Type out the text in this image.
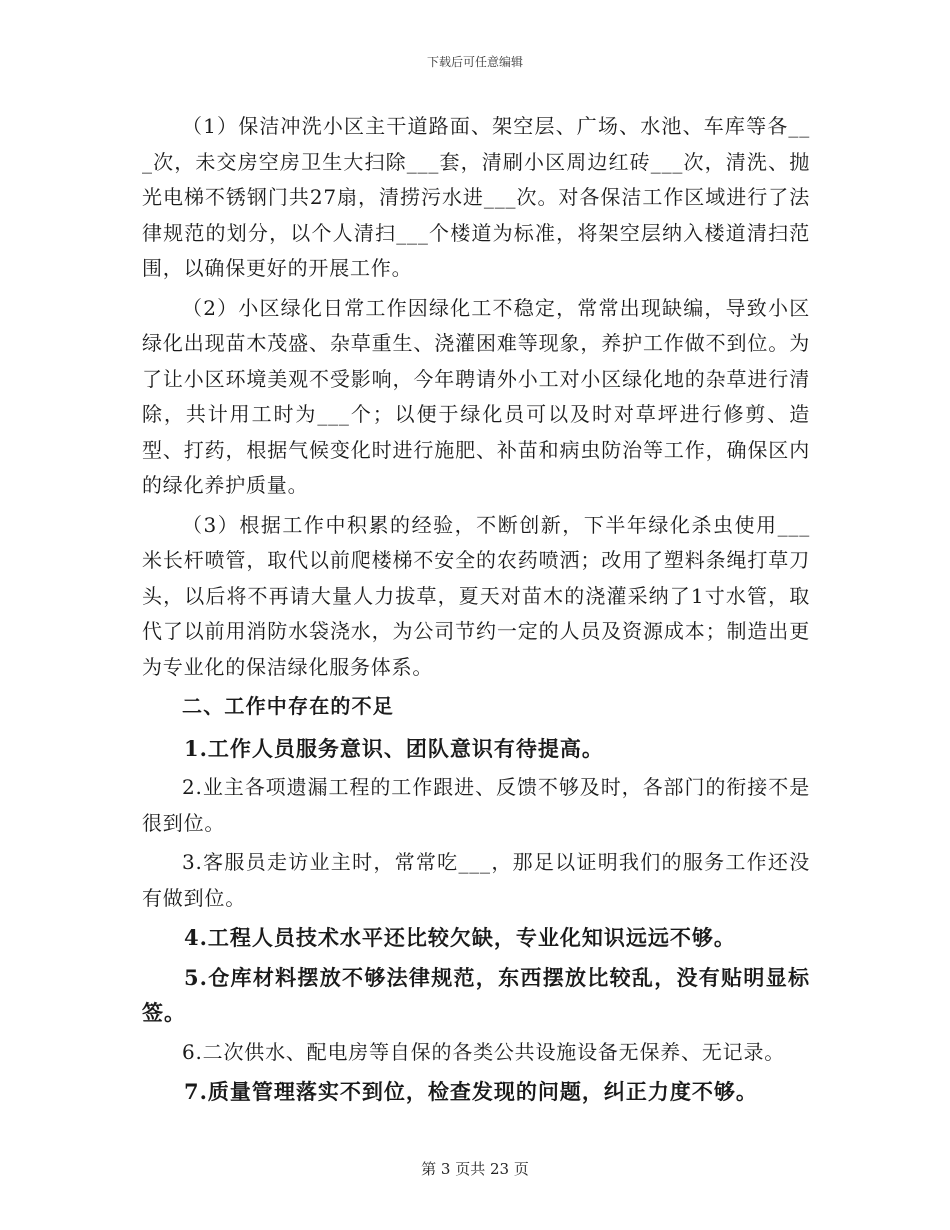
下载后可任意编辑

（1）保洁冲洗小区主干道路面、架空层、广场、水池、车库等各___次，未交房空房卫生大扫除___套，清刷小区周边红砖___次，清洗、抛光电梯不锈钢门共27扇，清捞污水进___次。对各保洁工作区域进行了法律规范的划分，以个人清扫___个楼道为标准，将架空层纳入楼道清扫范围，以确保更好的开展工作。

（2）小区绿化日常工作因绿化工不稳定，常常出现缺编，导致小区绿化出现苗木茂盛、杂草重生、浇灌困难等现象，养护工作做不到位。为了让小区环境美观不受影响，今年聘请外小工对小区绿化地的杂草进行清除，共计用工时为___个；以便于绿化员可以及时对草坪进行修剪、造型、打药，根据气候变化时进行施肥、补苗和病虫防治等工作，确保区内的绿化养护质量。

（3）根据工作中积累的经验，不断创新，下半年绿化杀虫使用___米长杆喷管，取代以前爬楼梯不安全的农药喷洒；改用了塑料条绳打草刀头，以后将不再请大量人力拔草，夏天对苗木的浇灌采纳了1寸水管，取代了以前用消防水袋浇水，为公司节约一定的人员及资源成本；制造出更为专业化的保洁绿化服务体系。

二、工作中存在的不足

1.工作人员服务意识、团队意识有待提高。

2.业主各项遗漏工程的工作跟进、反馈不够及时，各部门的衔接不是很到位。

3.客服员走访业主时，常常吃___，那足以证明我们的服务工作还没有做到位。

4.工程人员技术水平还比较欠缺，专业化知识远远不够。

5.仓库材料摆放不够法律规范，东西摆放比较乱，没有贴明显标签。

6.二次供水、配电房等自保的各类公共设施设备无保养、无记录。

7.质量管理落实不到位，检查发现的问题，纠正力度不够。

第 3 页共 23 页
